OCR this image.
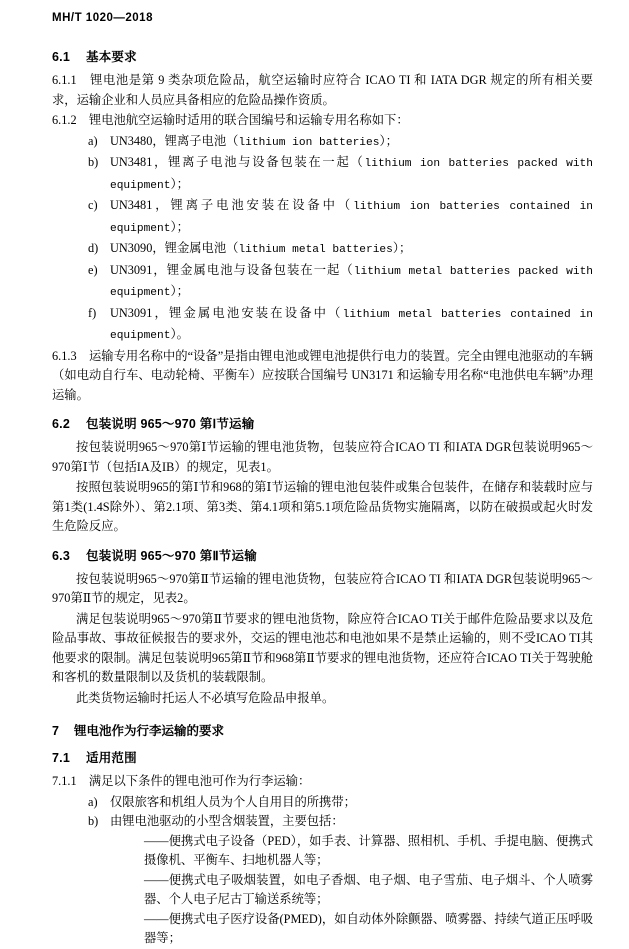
MH/T 1020—2018
6.1 基本要求
6.1.1 锂电池是第 9 类杂项危险品，航空运输时应符合 ICAO TI 和 IATA DGR 规定的所有相关要求，运输企业和人员应具备相应的危险品操作资质。
6.1.2 锂电池航空运输时适用的联合国编号和运输专用名称如下：
a)	UN3480，锂离子电池（lithium ion batteries）；
b) UN3481，锂离子电池与设备包装在一起（lithium ion batteries packed with equipment）；
c)	UN3481，锂离子电池安装在设备中（lithium ion batteries contained in equipment）；
d) UN3090，锂金属电池（lithium metal batteries）；
e)	UN3091，锂金属电池与设备包装在一起（lithium metal batteries packed with equipment）；
f)	UN3091，锂金属电池安装在设备中（lithium metal batteries contained in equipment）。
6.1.3 运输专用名称中的“设备”是指由锂电池或锂电池提供行电力的装置。完全由锂电池驱动的车辆（如电动自行车、电动轮椅、平衡车）应按联合国编号 UN3171 和运输专用名称“电池供电车辆”办理运输。
6.2 包装说明 965～970 第Ⅰ节运输

按包装说明965～970第Ⅰ节运输的锂电池货物，包装应符合ICAO TI 和IATA DGR包装说明965～970第Ⅰ节（包括IA及IB）的规定，见表1。

按照包装说明965的第Ⅰ节和968的第Ⅰ节运输的锂电池包装件或集合包装件，在储存和装载时应与第1类(1.4S除外）、第2.1项、第3类、第4.1项和第5.1项危险品货物实施隔离，以防在破损或起火时发生危险反应。

6.3 包装说明 965～970 第Ⅱ节运输

按包装说明965～970第Ⅱ节运输的锂电池货物，包装应符合ICAO TI 和IATA DGR包装说明965～970第Ⅱ节的规定，见表2。

满足包装说明965～970第Ⅱ节要求的锂电池货物，除应符合ICAO TI关于邮件危险品要求以及危险品事故、事故征候报告的要求外，交运的锂电池芯和电池如果不是禁止运输的，则不受ICAO TI其他要求的限制。满足包装说明965第Ⅱ节和968第Ⅱ节要求的锂电池货物，还应符合ICAO TI关于驾驶舱和客机的数量限制以及货机的装载限制。

此类货物运输时托运人不必填写危险品申报单。

7 锂电池作为行李运输的要求
7.1 适用范围
7.1.1 满足以下条件的锂电池可作为行李运输：
a)	仅限旅客和机组人员为个人自用目的所携带；
b) 由锂电池驱动的小型含烟装置，主要包括：
——便携式电子设备（PED），如手表、计算器、照相机、手机、手提电脑、便携式摄像机、平衡车、扫地机器人等；
——便携式电子吸烟装置，如电子香烟、电子烟、电子雪茄、电子烟斗、个人喷雾器、个人电子尼古丁输送系统等；
——便携式电子医疗设备(PMED)，如自动体外除颤器、喷雾器、持续气道正压呼吸器等；
